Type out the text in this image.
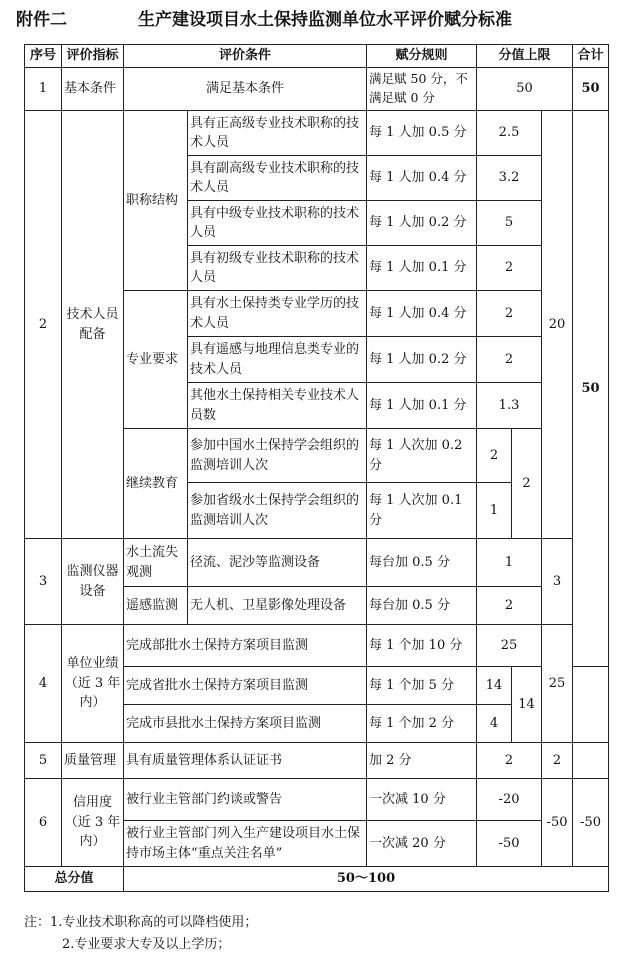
附件二	生产建设项目水土保持监测单位水平评价赋分标准
序号	评价指标	评价条件		赋分规则	分值上限			合计	
1	基本条件	满足基本条件		满足赋 50 分，不满足赋 0 分	50			50	
2	技术人员配备	职称结构	具有正高级专业技术职称的技术人员	每 1 人加 0.5 分	2.5		20	50	
			具有副高级专业技术职称的技术人员	每 1 人加 0.4 分	3.2				
			具有中级专业技术职称的技术人员	每 1 人加 0.2 分	5				
			具有初级专业技术职称的技术人员	每 1 人加 0.1 分	2				
		专业要求	具有水土保持类专业学历的技术人员	每 1 人加 0.4 分	2				
			具有遥感与地理信息类专业的技术人员	每 1 人加 0.2 分	2				
			其他水土保持相关专业技术人员数	每 1 人加 0.1 分	1.3				
		继续教育	参加中国水土保持学会组织的监测培训人次	每 1 人次加 0.2 分	2	2			
			参加省级水土保持学会组织的监测培训人次	每 1 人次加 0.1 分	1				
3	监测仪器设备	水土流失观测	径流、泥沙等监测设备	每台加 0.5 分	1		3		
		遥感监测	无人机、卫星影像处理设备	每台加 0.5 分	2				
4	单位业绩（近 3 年内）	完成部批水土保持方案项目监测		每 1 个加 10 分	25		25		
		完成省批水土保持方案项目监测		每 1 个加 5 分	14	14			
		完成市县批水土保持方案项目监测		每 1 个加 2 分	4				
5	质量管理	具有质量管理体系认证证书		加 2 分	2		2		
6	信用度（近 3 年内）	被行业主管部门约谈或警告		一次减 10 分	-20		-50	-50	
		被行业主管部门列入生产建设项目水土保持市场主体“重点关注名单”		一次减 20 分	-50				
总分值		50～100							
注：1.专业技术职称高的可以降档使用；
2.专业要求大专及以上学历；
